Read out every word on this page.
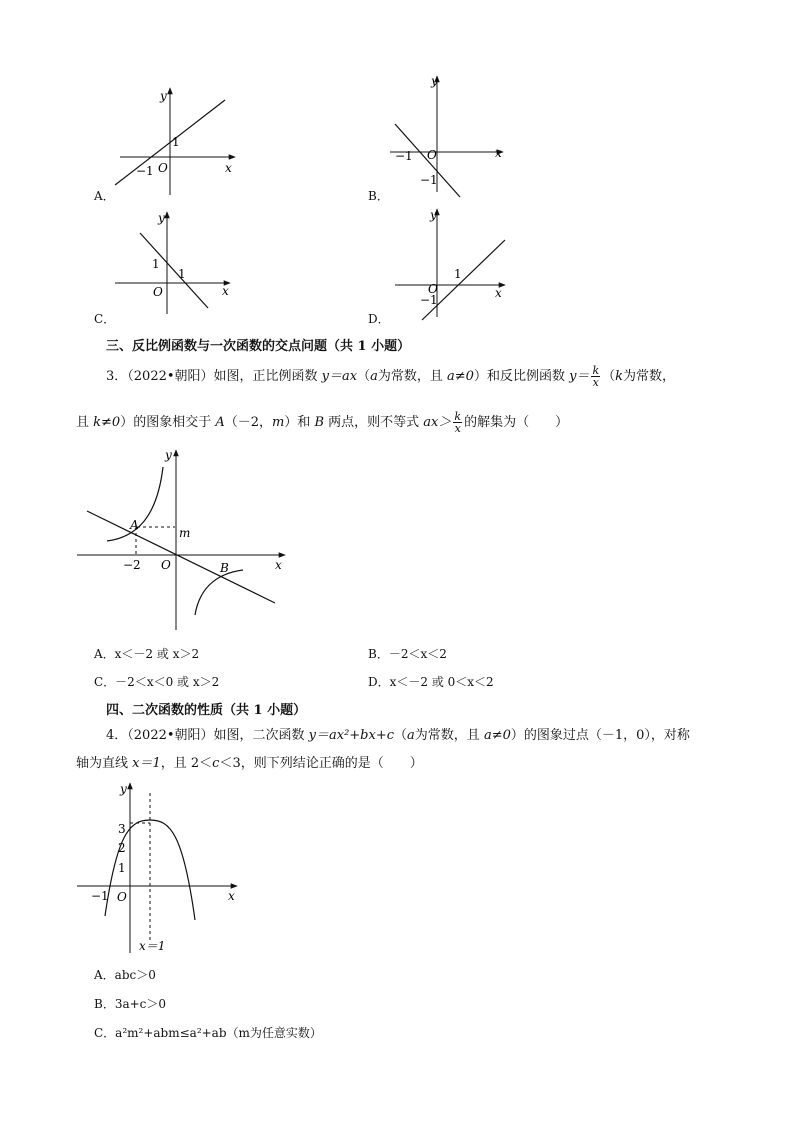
y
x
O
1
−1
A．
y
x
O
−1
−1
B．
y
x
O
1
1
C．
y
x
O
1
−1
D．
三、反比例函数与一次函数的交点问题（共 1 小题）
3．（2022•朝阳）如图，正比例函数 y＝ax（a为常数，且 a≠0）和反比例函数 $y= \frac{k}{x} (k$为常数，
且 k≠0）的图象相交于 A（－2，m）和 B 两点，则不等式 $ax> \frac{k}{x}$ 的解集为（　　）
y
x
O
−2
m
A
B
A．x＜－2 或 x＞2	B．－2＜x＜2
C．－2＜x＜0 或 x＞2	D．x＜－2 或 0＜x＜2
四、二次函数的性质（共 1 小题）
4．（2022•朝阳）如图，二次函数 y＝ax²+bx+c（a为常数，且 a≠0）的图象过点（－1，0），对称
轴为直线 x＝1，且 2＜c＜3，则下列结论正确的是（　　）
y
x
O
3
2
1
−1
x＝1
A．abc＞0
B．3a+c＞0
C．a²m²+abm≤a²+ab（m为任意实数）
